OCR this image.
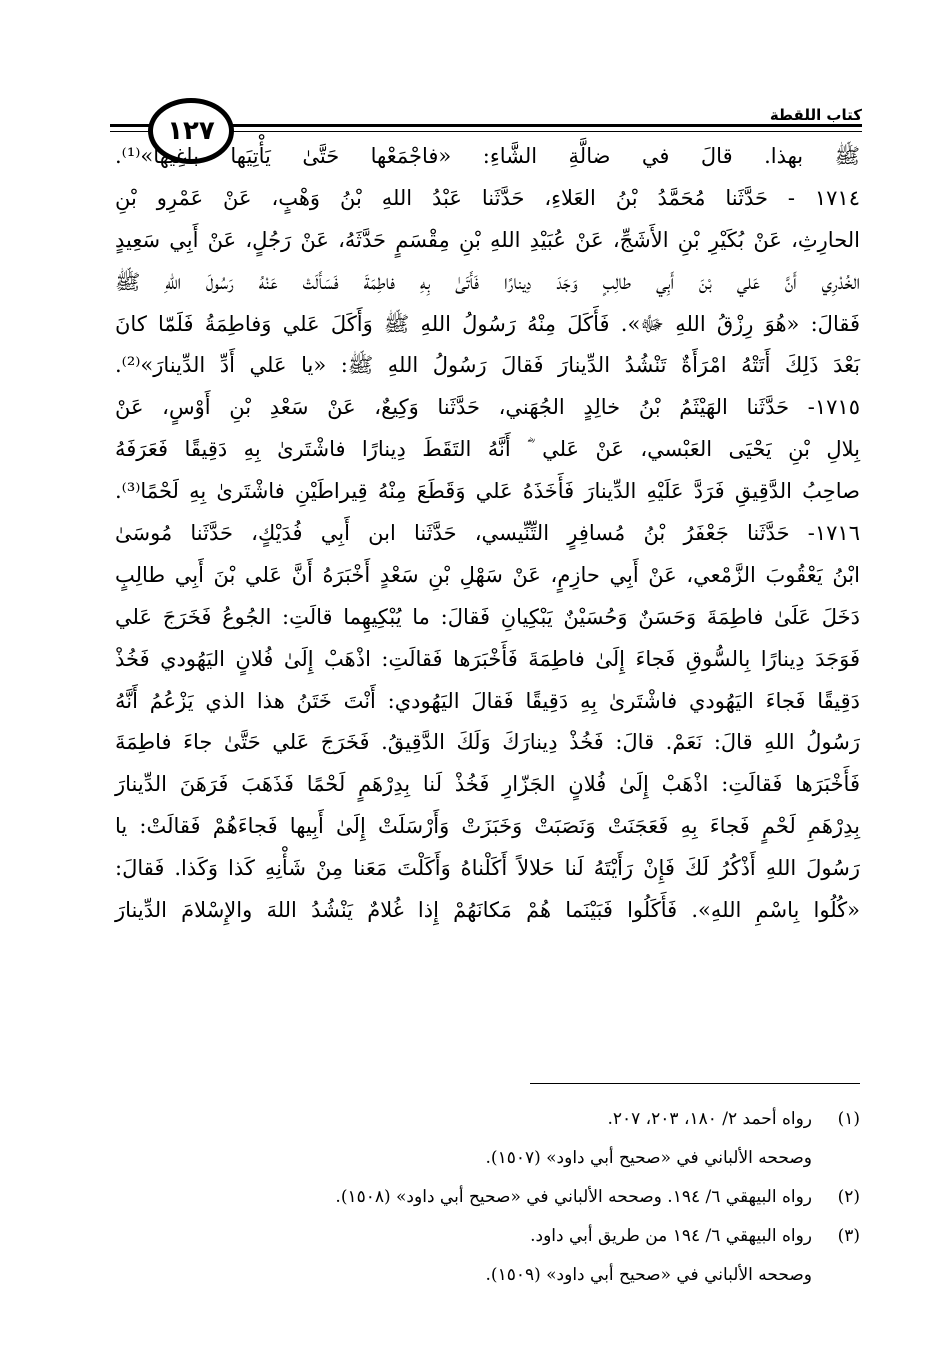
١٢٧
كتاب اللقطة
ﷺ بهذا. قالَ في ضالَّةِ الشَّاءِ: «فاجْمَعْها حَتَّىٰ يَأْتِيَها باغِيها»⁽¹⁾.
١٧١٤ - حَدَّثَنا مُحَمَّدُ بْنُ العَلاءِ، حَدَّثَنا عَبْدُ اللهِ بْنُ وَهْبٍ، عَنْ عَمْرِو بْنِ
الحارِثِ، عَنْ بُكَيْرِ بْنِ الأَشَجِّ، عَنْ عُبَيْدِ اللهِ بْنِ مِقْسَمٍ حَدَّثَهُ، عَنْ رَجُلٍ، عَنْ أَبِي سَعِيدٍ
الخُدْرِي أَنَّ عَلي بْنَ أَبِي طالِبٍ وَجَدَ دِينارًا فَأَتَىٰ بِهِ فاطِمَةَ فَسَأَلَتْ عَنْهُ رَسُولَ اللهِ ﷺ
فَقالَ: «هُوَ رِزْقُ اللهِ ﷻ». فَأَكَلَ مِنْهُ رَسُولُ اللهِ ﷺ وَأَكَلَ عَلي وَفاطِمَةُ فَلَمّا كانَ
بَعْدَ ذَلِكَ أَتَتْهُ امْرَأَةٌ تَنْشُدُ الدِّينارَ فَقالَ رَسُولُ اللهِ ﷺ: «يا عَلي أَدِّ الدِّينارَ»⁽²⁾.
١٧١٥- حَدَّثَنا الهَيْثَمُ بْنُ خالِدٍ الجُهَني، حَدَّثَنا وَكِيعٌ، عَنْ سَعْدِ بْنِ أَوْسٍ، عَنْ
بِلالِ بْنِ يَحْيَى العَبْسي، عَنْ عَلي ؓ أَنَّهُ التَقَطَ دِينارًا فاشْتَرىٰ بِهِ دَقِيقًا فَعَرَفَهُ
صاحِبُ الدَّقِيقِ فَرَدَّ عَلَيْهِ الدِّينارَ فَأَخَذَهُ عَلي وَقَطَعَ مِنْهُ قِيراطَيْنِ فاشْتَرىٰ بِهِ لَحْمًا⁽³⁾.
١٧١٦- حَدَّثَنا جَعْفَرُ بْنُ مُسافِرٍ التِّنِّيسي، حَدَّثَنا ابن أَبِي فُدَيْكٍ، حَدَّثَنا مُوسَىٰ
ابْنُ يَعْقُوبَ الزَّمْعي، عَنْ أَبِي حازِمٍ، عَنْ سَهْلِ بْنِ سَعْدٍ أَخْبَرَهُ أَنَّ عَلي بْنَ أَبِي طالِبٍ
دَخَلَ عَلَىٰ فاطِمَةَ وَحَسَنٌ وَحُسَيْنٌ يَبْكِيانِ فَقالَ: ما يُبْكِيهِما قالَتِ: الجُوعُ فَخَرَجَ عَلي
فَوَجَدَ دِينارًا بِالسُّوقِ فَجاءَ إِلَىٰ فاطِمَةَ فَأَخْبَرَها فَقالَتِ: اذْهَبْ إِلَىٰ فُلانٍ اليَهُودي فَخُذْ
دَقِيقًا فَجاءَ اليَهُودي فاشْتَرىٰ بِهِ دَقِيقًا فَقالَ اليَهُودي: أَنْتَ خَتَنُ هذا الذي يَزْعُمُ أَنَّهُ
رَسُولُ اللهِ قالَ: نَعَمْ. قالَ: فَخُذْ دِينارَكَ وَلَكَ الدَّقِيقُ. فَخَرَجَ عَلي حَتَّىٰ جاءَ فاطِمَةَ
فَأَخْبَرَها فَقالَتِ: اذْهَبْ إِلَىٰ فُلانٍ الجَزّارِ فَخُذْ لَنا بِدِرْهَمٍ لَحْمًا فَذَهَبَ فَرَهَنَ الدِّينارَ
بِدِرْهَمِ لَحْمٍ فَجاءَ بِهِ فَعَجَنَتْ وَنَصَبَتْ وَخَبَزَتْ وَأَرْسَلَتْ إِلَىٰ أَبِيها فَجاءَهُمْ فَقالَتْ: يا
رَسُولَ اللهِ أَذْكُرُ لَكَ فَإِنْ رَأَيْتَهُ لَنا حَلالاً أَكَلْناهُ وَأَكَلْتَ مَعَنا مِنْ شَأْنِهِ كَذا وَكَذا. فَقالَ:
«كُلُوا بِاسْمِ اللهِ». فَأَكَلُوا فَبَيْنَما هُمْ مَكانَهُمْ إِذا غُلامٌ يَنْشُدُ اللهَ والإِسْلامَ الدِّينارَ
(١)رواه أحمد ٢/ ١٨٠، ٢٠٣، ٢٠٧.
وصححه الألباني في «صحيح أبي داود» (١٥٠٧).
(٢)رواه البيهقي ٦/ ١٩٤. وصححه الألباني في «صحيح أبي داود» (١٥٠٨).
(٣)رواه البيهقي ٦/ ١٩٤ من طريق أبي داود.
وصححه الألباني في «صحيح أبي داود» (١٥٠٩).
